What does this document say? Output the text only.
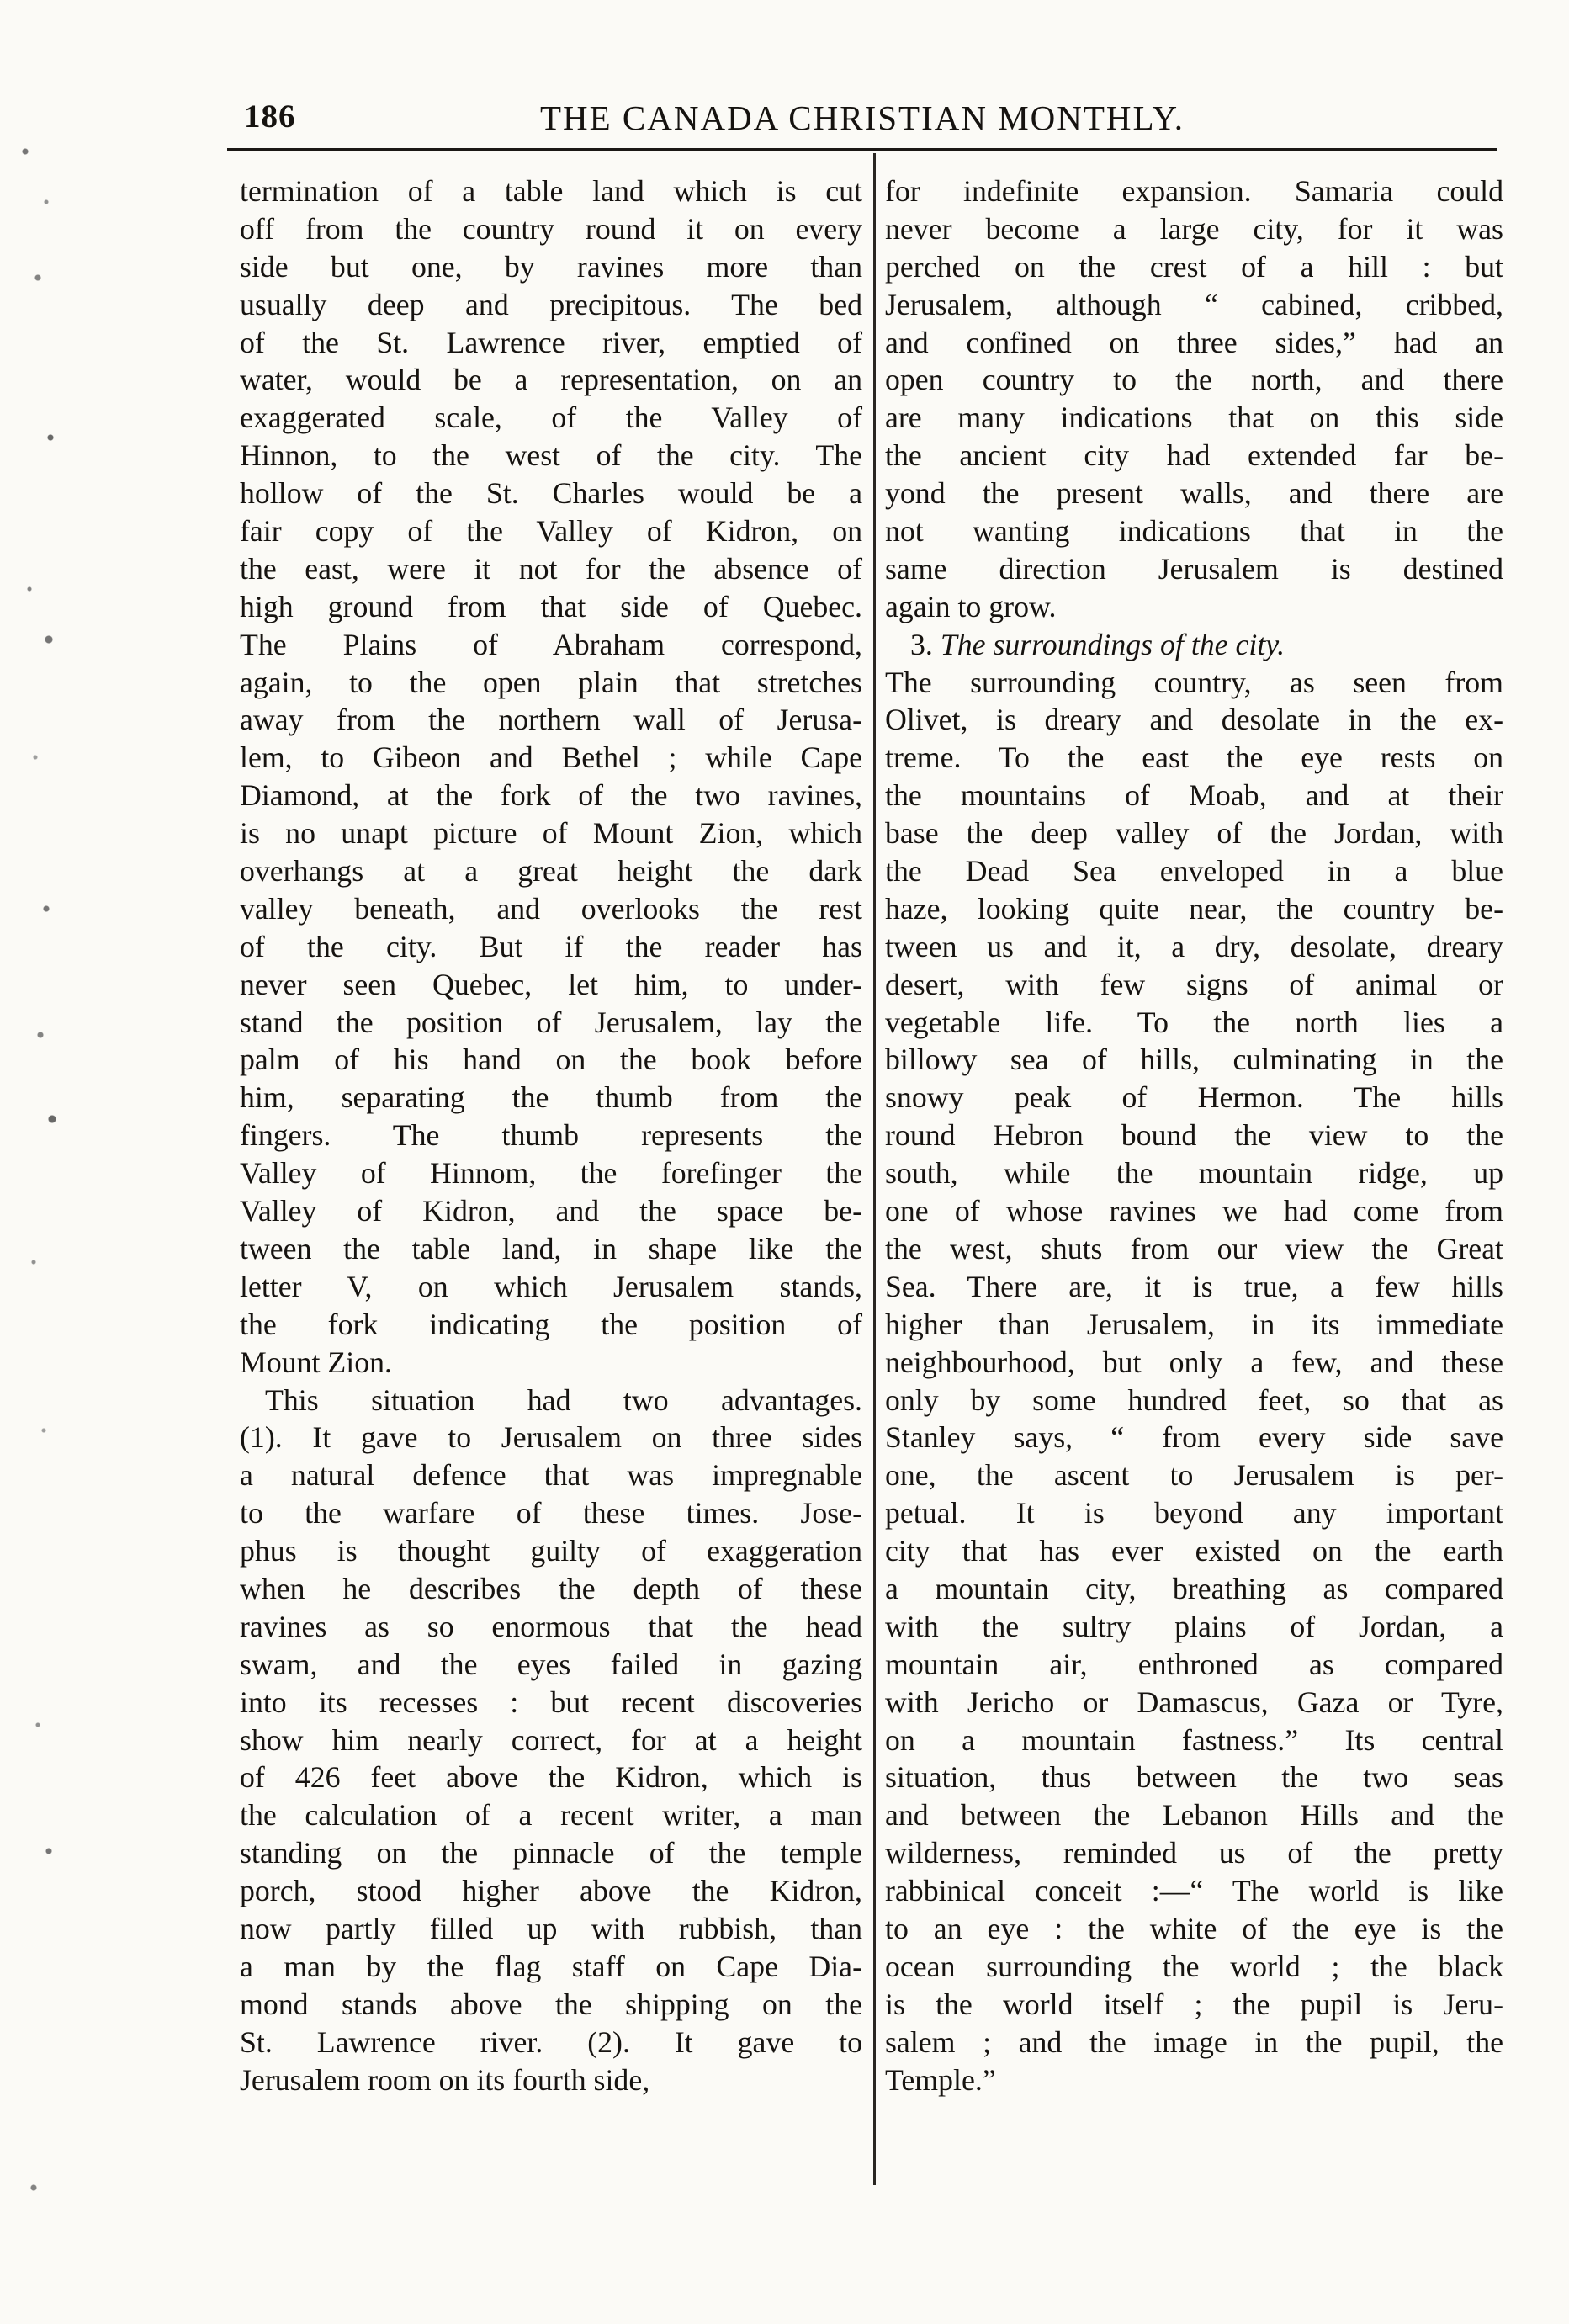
186	THE CANADA CHRISTIAN MONTHLY.
termination of a table land which is cut
off from the country round it on every
side but one, by ravines more than
usually deep and precipitous. The bed
of the St. Lawrence river, emptied of
water, would be a representation, on an
exaggerated scale, of the Valley of
Hinnon, to the west of the city. The
hollow of the St. Charles would be a
fair copy of the Valley of Kidron, on
the east, were it not for the absence of
high ground from that side of Quebec.
The Plains of Abraham correspond,
again, to the open plain that stretches
away from the northern wall of Jerusa-
lem, to Gibeon and Bethel ; while Cape
Diamond, at the fork of the two ravines,
is no unapt picture of Mount Zion, which
overhangs at a great height the dark
valley beneath, and overlooks the rest
of the city. But if the reader has
never seen Quebec, let him, to under-
stand the position of Jerusalem, lay the
palm of his hand on the book before
him, separating the thumb from the
fingers. The thumb represents the
Valley of Hinnom, the forefinger the
Valley of Kidron, and the space be-
tween the table land, in shape like the
letter V, on which Jerusalem stands,
the fork indicating the position of
Mount Zion.
This situation had two advantages.
(1). It gave to Jerusalem on three sides
a natural defence that was impregnable
to the warfare of these times. Jose-
phus is thought guilty of exaggeration
when he describes the depth of these
ravines as so enormous that the head
swam, and the eyes failed in gazing
into its recesses : but recent discoveries
show him nearly correct, for at a height
of 426 feet above the Kidron, which is
the calculation of a recent writer, a man
standing on the pinnacle of the temple
porch, stood higher above the Kidron,
now partly filled up with rubbish, than
a man by the flag staff on Cape Dia-
mond stands above the shipping on the
St. Lawrence river. (2). It gave to
Jerusalem room on its fourth side,
for indefinite expansion. Samaria could
never become a large city, for it was
perched on the crest of a hill : but
Jerusalem, although “ cabined, cribbed,
and confined on three sides,” had an
open country to the north, and there
are many indications that on this side
the ancient city had extended far be-
yond the present walls, and there are
not wanting indications that in the
same direction Jerusalem is destined
again to grow.
3. The surroundings of the city.
The surrounding country, as seen from
Olivet, is dreary and desolate in the ex-
treme. To the east the eye rests on
the mountains of Moab, and at their
base the deep valley of the Jordan, with
the Dead Sea enveloped in a blue
haze, looking quite near, the country be-
tween us and it, a dry, desolate, dreary
desert, with few signs of animal or
vegetable life. To the north lies a
billowy sea of hills, culminating in the
snowy peak of Hermon. The hills
round Hebron bound the view to the
south, while the mountain ridge, up
one of whose ravines we had come from
the west, shuts from our view the Great
Sea. There are, it is true, a few hills
higher than Jerusalem, in its immediate
neighbourhood, but only a few, and these
only by some hundred feet, so that as
Stanley says, “ from every side save
one, the ascent to Jerusalem is per-
petual. It is beyond any important
city that has ever existed on the earth
a mountain city, breathing as compared
with the sultry plains of Jordan, a
mountain air, enthroned as compared
with Jericho or Damascus, Gaza or Tyre,
on a mountain fastness.” Its central
situation, thus between the two seas
and between the Lebanon Hills and the
wilderness, reminded us of the pretty
rabbinical conceit :—“ The world is like
to an eye : the white of the eye is the
ocean surrounding the world ; the black
is the world itself ; the pupil is Jeru-
salem ; and the image in the pupil, the
Temple.”
